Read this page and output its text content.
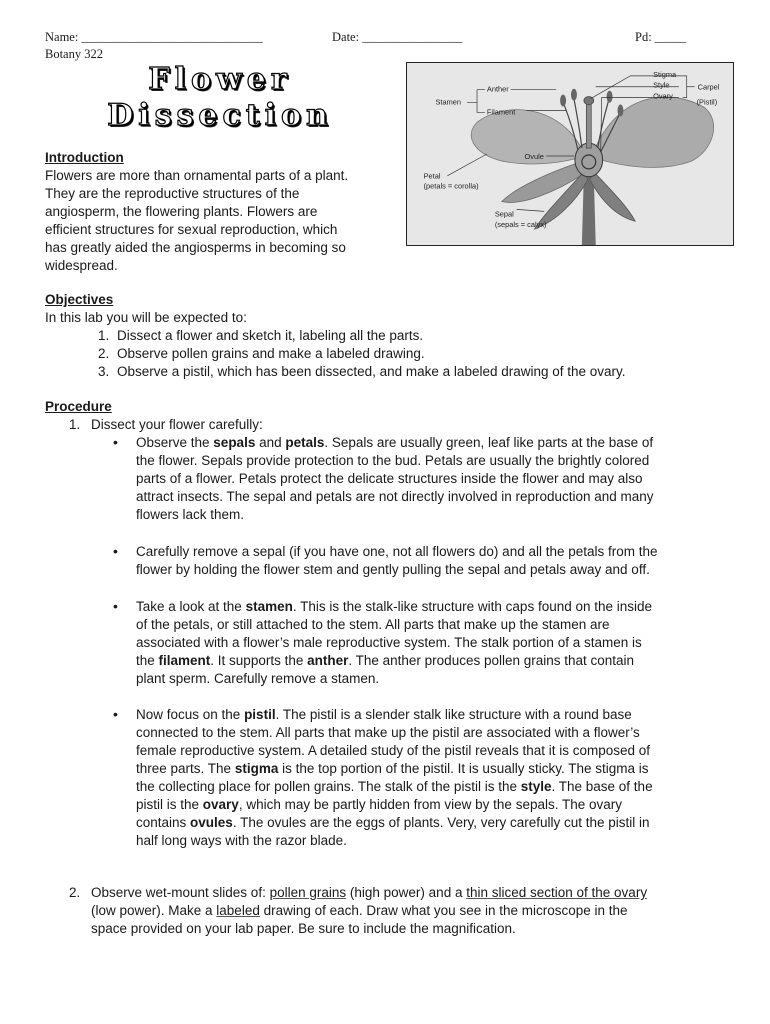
Name: _____________________________	Date: ________________	Pd: _____
Botany 322
Flower
Dissection	Stamen
Anther
Filament
Stigma
Style
Ovary
Carpel
(Pistil)
Ovule
Petal
(petals = corolla)
Sepal
(sepals = calyx)
Introduction
Flowers are more than ornamental parts of a plant.
They are the reproductive structures of the
angiosperm, the flowering plants. Flowers are
efficient structures for sexual reproduction, which
has greatly aided the angiosperms in becoming so
widespread.
Objectives
In this lab you will be expected to:
1. Dissect a flower and sketch it, labeling all the parts.
2. Observe pollen grains and make a labeled drawing.
3. Observe a pistil, which has been dissected, and make a labeled drawing of the ovary.
Procedure
1. Dissect your flower carefully:
• Observe the sepals and petals. Sepals are usually green, leaf like parts at the base of
the flower. Sepals provide protection to the bud. Petals are usually the brightly colored
parts of a flower. Petals protect the delicate structures inside the flower and may also
attract insects. The sepal and petals are not directly involved in reproduction and many
flowers lack them.
• Carefully remove a sepal (if you have one, not all flowers do) and all the petals from the
flower by holding the flower stem and gently pulling the sepal and petals away and off.
• Take a look at the stamen. This is the stalk-like structure with caps found on the inside
of the petals, or still attached to the stem. All parts that make up the stamen are
associated with a flower’s male reproductive system. The stalk portion of a stamen is
the filament. It supports the anther. The anther produces pollen grains that contain
plant sperm. Carefully remove a stamen.
• Now focus on the pistil. The pistil is a slender stalk like structure with a round base
connected to the stem. All parts that make up the pistil are associated with a flower’s
female reproductive system. A detailed study of the pistil reveals that it is composed of
three parts. The stigma is the top portion of the pistil. It is usually sticky. The stigma is
the collecting place for pollen grains. The stalk of the pistil is the style. The base of the
pistil is the ovary, which may be partly hidden from view by the sepals. The ovary
contains ovules. The ovules are the eggs of plants. Very, very carefully cut the pistil in
half long ways with the razor blade.
2. Observe wet-mount slides of: pollen grains (high power) and a thin sliced section of the ovary
(low power). Make a labeled drawing of each. Draw what you see in the microscope in the
space provided on your lab paper. Be sure to include the magnification.
